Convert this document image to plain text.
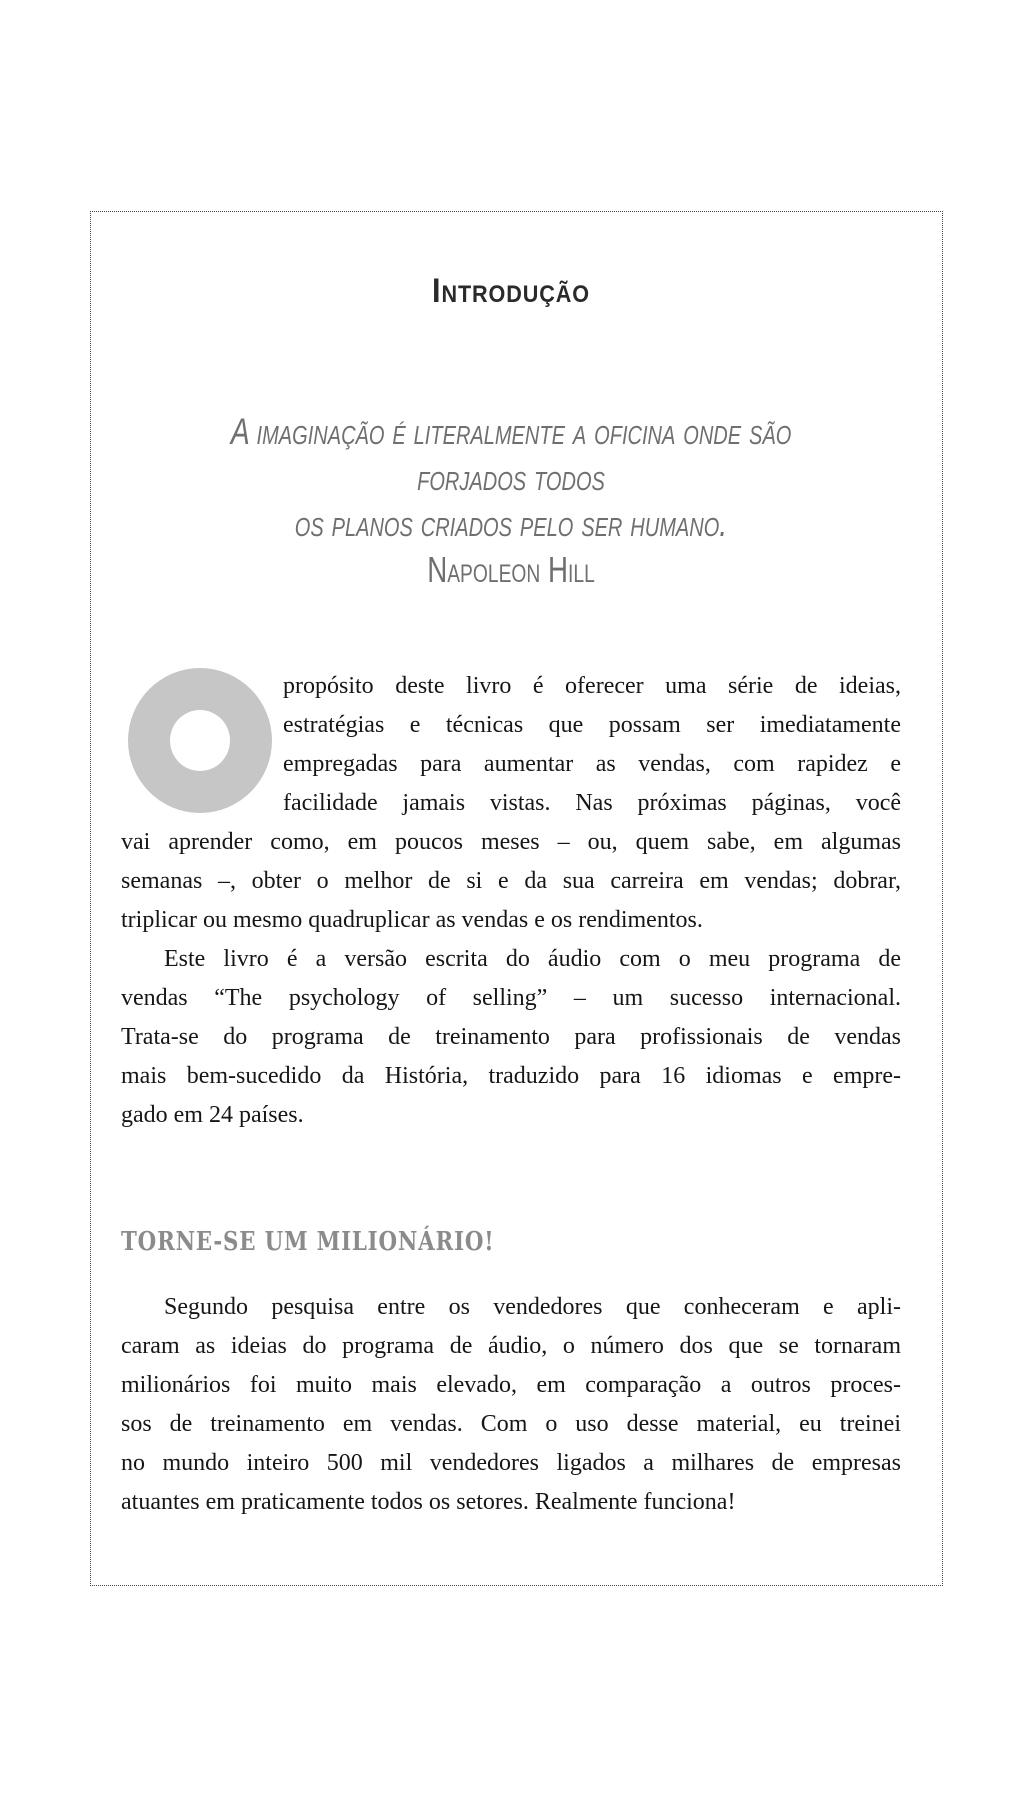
Introdução
A imaginação é literalmente a oficina onde são forjados todos
os planos criados pelo ser humano.
Napoleon Hill
propósito deste livro é oferecer uma série de ideias,
estratégias e técnicas que possam ser imediatamente
empregadas para aumentar as vendas, com rapidez e
facilidade jamais vistas. Nas próximas páginas, você
vai aprender como, em poucos meses – ou, quem sabe, em algumas
semanas –, obter o melhor de si e da sua carreira em vendas; dobrar,
triplicar ou mesmo quadruplicar as vendas e os rendimentos.
Este livro é a versão escrita do áudio com o meu programa de
vendas “The psychology of selling” – um sucesso internacional.
Trata-se do programa de treinamento para profissionais de vendas
mais bem-sucedido da História, traduzido para 16 idiomas e empre-
gado em 24 países.
TORNE-SE UM MILIONÁRIO!
Segundo pesquisa entre os vendedores que conheceram e apli-
caram as ideias do programa de áudio, o número dos que se tornaram
milionários foi muito mais elevado, em comparação a outros proces-
sos de treinamento em vendas. Com o uso desse material, eu treinei
no mundo inteiro 500 mil vendedores ligados a milhares de empresas
atuantes em praticamente todos os setores. Realmente funciona!
